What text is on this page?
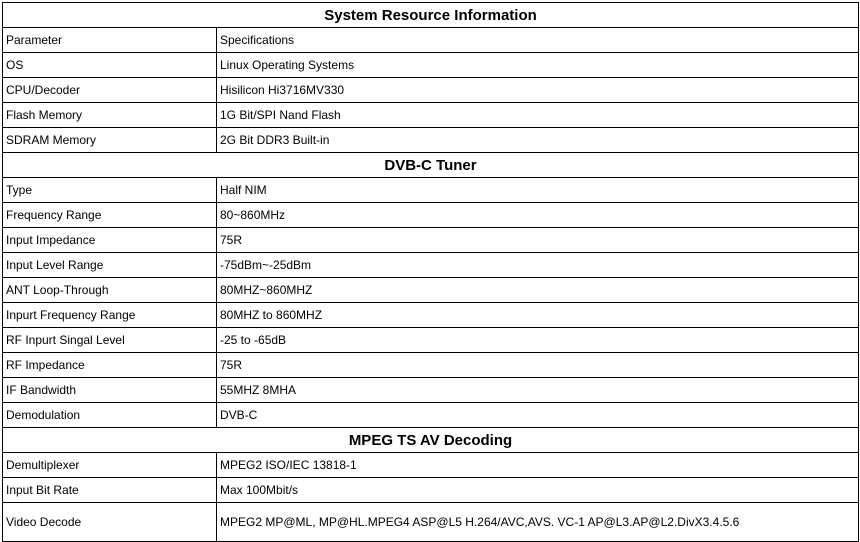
System Resource Information	
Parameter	Specifications
OS	Linux Operating Systems
CPU/Decoder	Hisilicon Hi3716MV330
Flash Memory	1G Bit/SPI Nand Flash
SDRAM Memory	2G Bit DDR3 Built-in
DVB-C Tuner	
Type	Half NIM
Frequency Range	80~860MHz
Input Impedance	75R
Input Level Range	-75dBm~-25dBm
ANT Loop-Through	80MHZ~860MHZ
Inpurt Frequency Range	80MHZ to 860MHZ
RF Inpurt Singal Level	-25 to -65dB
RF Impedance	75R
IF Bandwidth	55MHZ 8MHA
Demodulation	DVB-C
MPEG TS AV Decoding	
Demultiplexer	MPEG2 ISO/IEC 13818-1
Input Bit Rate	Max 100Mbit/s
Video Decode	MPEG2 MP@ML, MP@HL.MPEG4 ASP@L5 H.264/AVC,AVS. VC-1 AP@L3.AP@L2.DivX3.4.5.6
